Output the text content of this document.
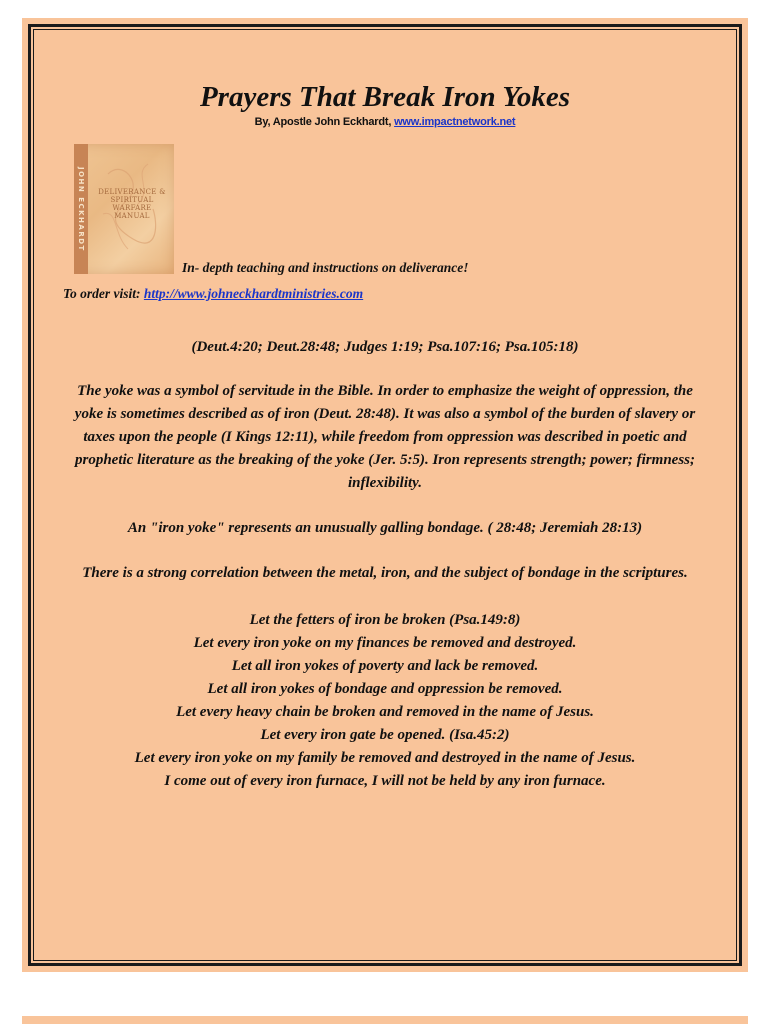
Prayers That Break Iron Yokes
By, Apostle John Eckhardt, www.impactnetwork.net
JOHN ECKHARDT	DELIVERANCE & SPIRITUAL WARFARE MANUAL
In- depth teaching and instructions on deliverance!
To order visit: http://www.johneckhardtministries.com
(Deut.4:20; Deut.28:48; Judges 1:19; Psa.107:16; Psa.105:18)
The yoke was a symbol of servitude in the Bible. In order to emphasize the weight of oppression, the yoke is sometimes described as of iron (Deut. 28:48). It was also a symbol of the burden of slavery or taxes upon the people (I Kings 12:11), while freedom from oppression was described in poetic and prophetic literature as the breaking of the yoke (Jer. 5:5). Iron represents strength; power; firmness; inflexibility.
An "iron yoke" represents an unusually galling bondage. ( 28:48; Jeremiah 28:13)
There is a strong correlation between the metal, iron, and the subject of bondage in the scriptures.
Let the fetters of iron be broken (Psa.149:8)
Let every iron yoke on my finances be removed and destroyed.
Let all iron yokes of poverty and lack be removed.
Let all iron yokes of bondage and oppression be removed.
Let every heavy chain be broken and removed in the name of Jesus.
Let every iron gate be opened. (Isa.45:2)
Let every iron yoke on my family be removed and destroyed in the name of Jesus.
I come out of every iron furnace, I will not be held by any iron furnace.
